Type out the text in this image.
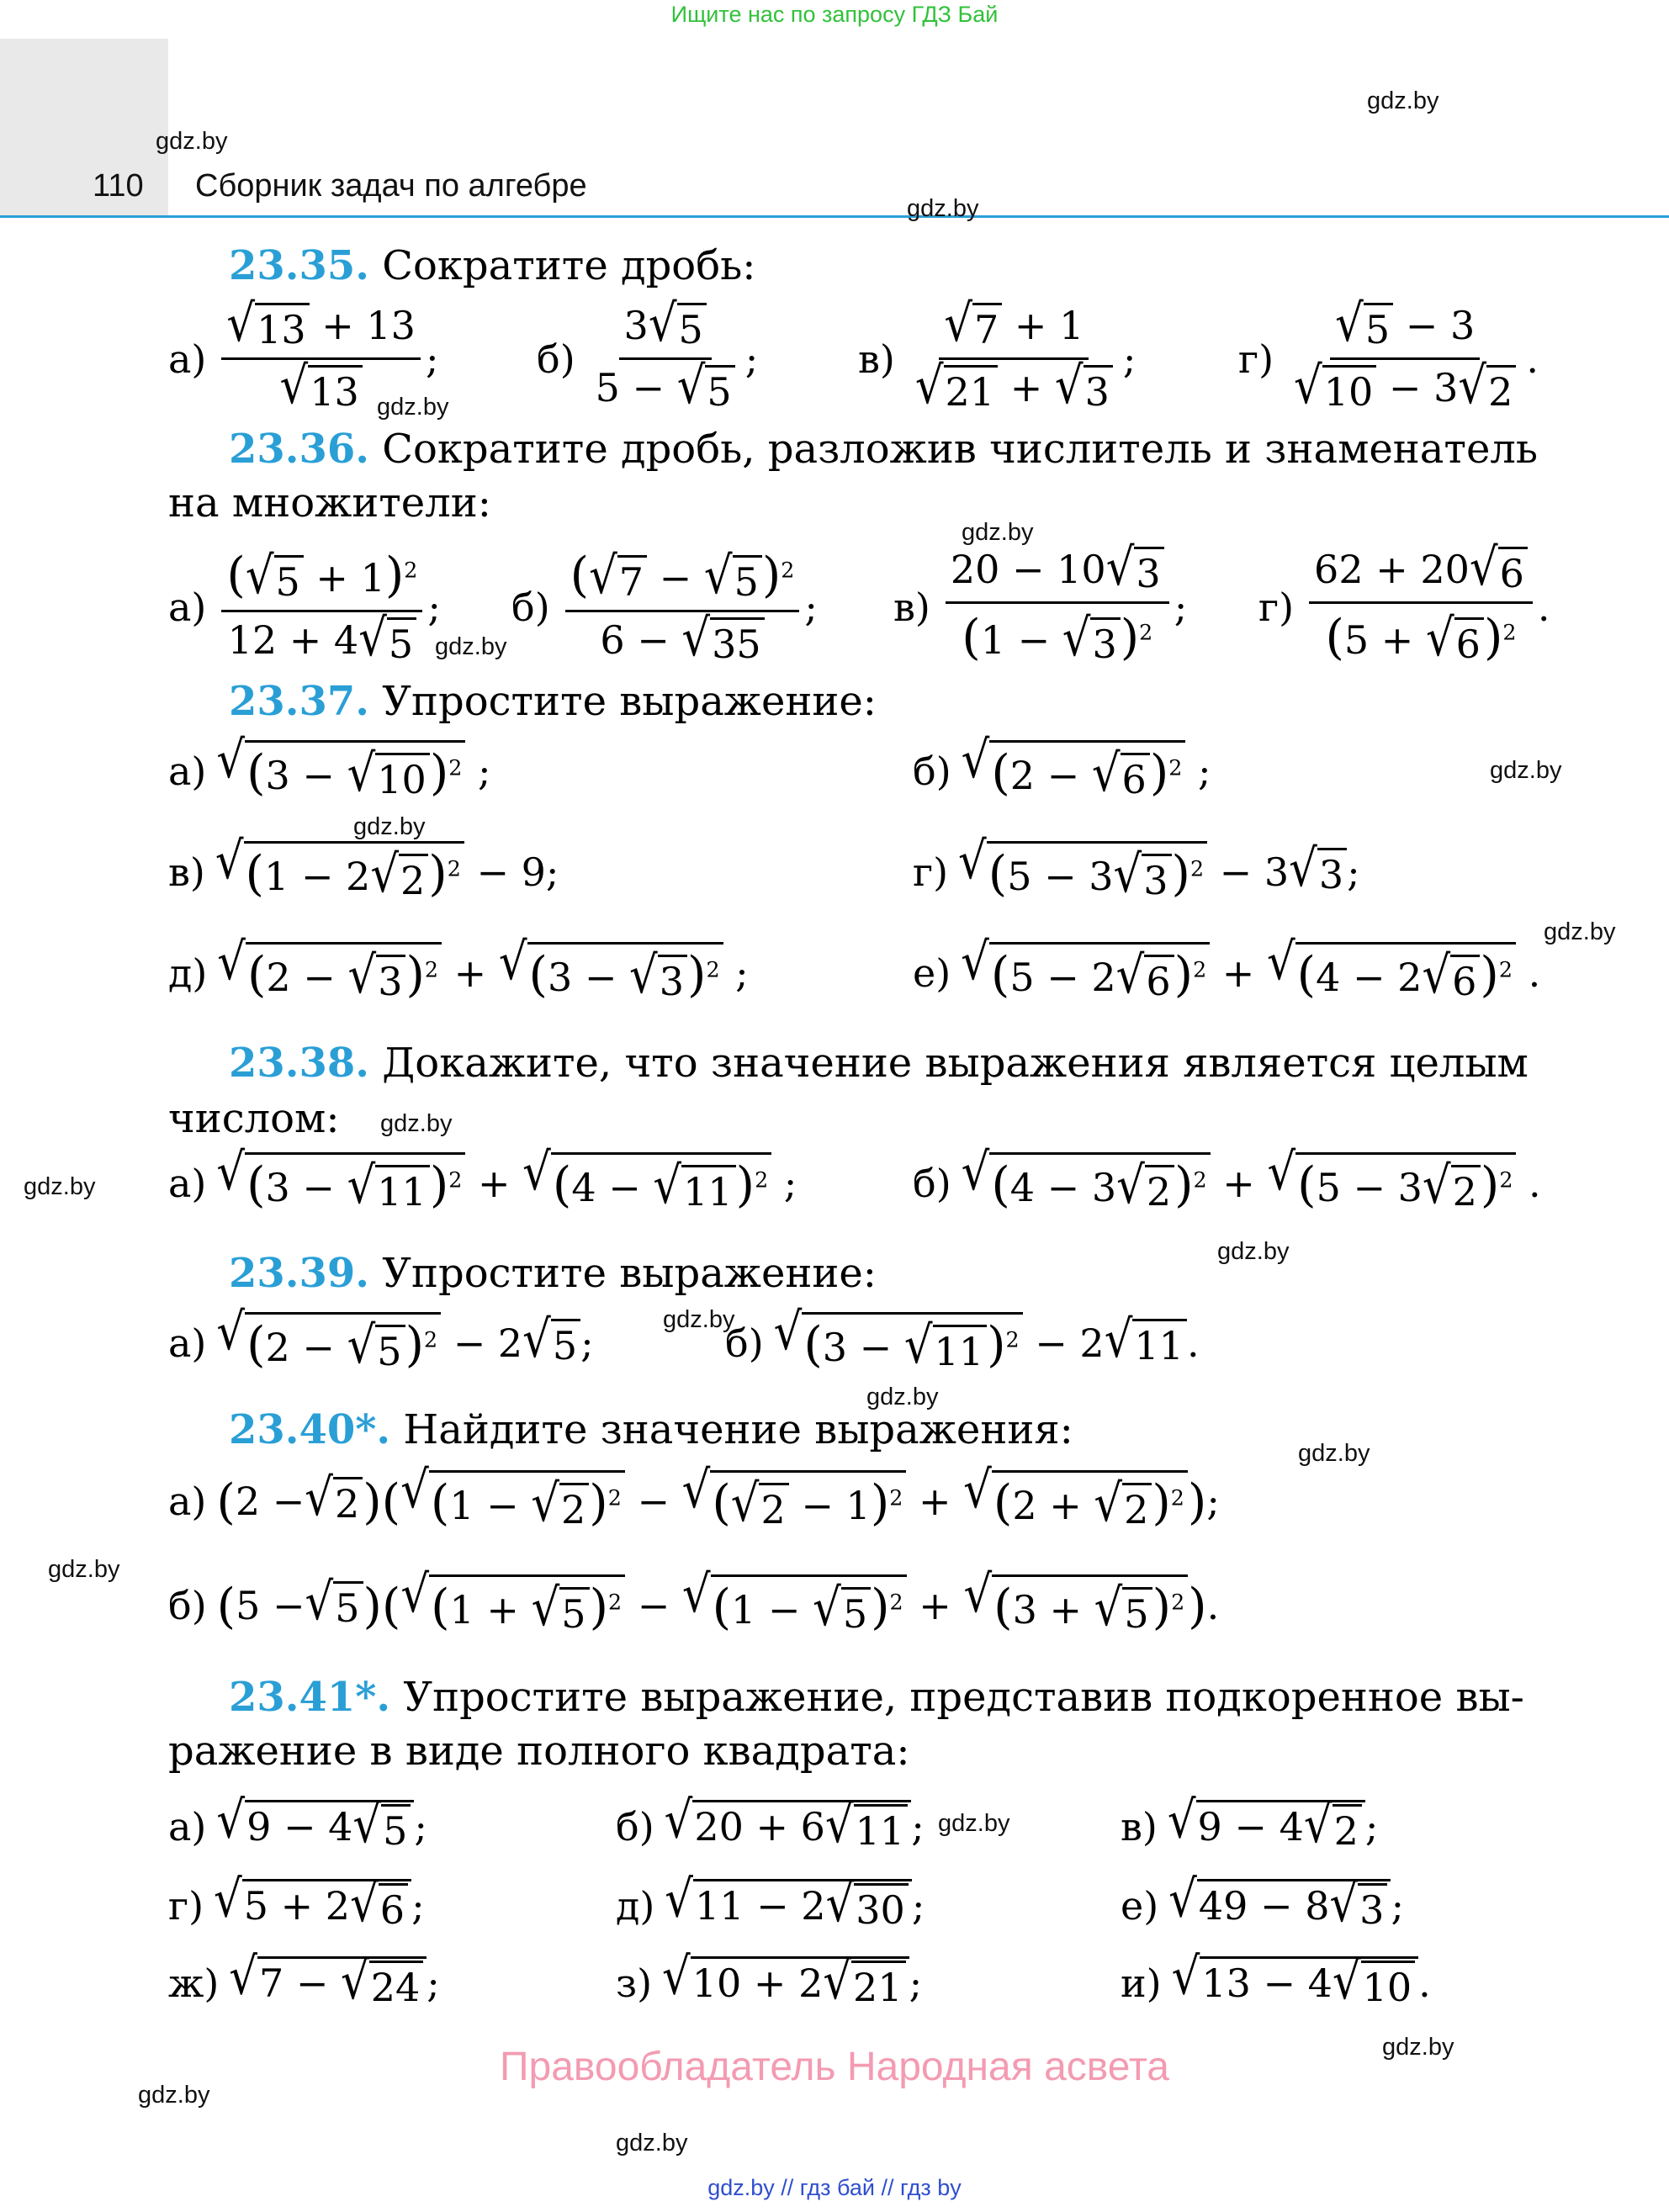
Ищите нас по запросу ГДЗ Бай
110 Сборник задач по алгебре
gdz.by
gdz.by
gdz.by
gdz.by
gdz.by
gdz.by
gdz.by
gdz.by
gdz.by
gdz.by
gdz.by
gdz.by
gdz.by
gdz.by
gdz.by
gdz.by
gdz.by
gdz.by
gdz.by
gdz.by
23.35. Сократите дробь:
$а) \frac{√ 13 + 13}{√ 13}$ ;	$б) \frac{3 √ 5}{5 - √ 5}$ ;	$в) \frac{√ 7 + 1}{√ 21 + √ 3}$ ;	$г) \frac{√ 5 - 3}{√ 10 - 3 √ 2}$ .
23.36. Сократите дробь, разложив числитель и знаменатель
на множители:
$а) \frac{( √ 5 + 1)^2}{12 + 4 √ 5}$ ; $б) \frac{( √ 7 - √ 5 )^2}{6 - √ 35}$ ; $в) \frac{20 - 10 √ 3}{(1 - √ 3 )^2}$ ; $г) \frac{62 + 20 √ 6}{(5 + √ 6 )^2}$ .
23.37. Упростите выражение:
а) √ (3 − √ 10 )$^2$ ;	б) √ (2 − √ 6 )$^2$ ;
в) √ (1 − 2 √ 2 )$^2$ − 9;	г) √ (5 − 3 √ 3 )$^2$ − 3 √ 3 ;
д) √ (2 − √ 3 )$^2$ + √ (3 − √ 3 )$^2$ ;	е) √ (5 − 2 √ 6 )$^2$ + √ (4 − 2 √ 6 )$^2$ .
23.38. Докажите, что значение выражения является целым
числом:
а) √ (3 − √ 11 )$^2$ + √ (4 − √ 11 )$^2$ ;	б) √ (4 − 3 √ 2 )$^2$ + √ (5 − 3 √ 2 )$^2$ .
23.39. Упростите выражение:
а) √ (2 − √ 5 )$^2$ − 2 √ 5 ;	б) √ (3 − √ 11 )$^2$ − 2 √ 11 .
23.40*. Найдите значение выражения:
а) ( 2 − √ 2 )( √ (1 − √ 2 )$^2$ − √ ( √ 2 − 1)$^2$ + √ (2 + √ 2 )$^2$ ) ;
б) ( 5 − √ 5 )( √ (1 + √ 5 )$^2$ − √ (1 − √ 5 )$^2$ + √ (3 + √ 5 )$^2$ ) .
23.41*. Упростите выражение, представив подкоренное вы-
ражение в виде полного квадрата:
а) √ 9 − 4 √ 5 ;	б) √ 20 + 6 √ 11 ;	в) √ 9 − 4 √ 2 ;
г) √ 5 + 2 √ 6 ;	д) √ 11 − 2 √ 30 ;	е) √ 49 − 8 √ 3 ;
ж) √ 7 − √ 24 ;	з) √ 10 + 2 √ 21 ;	и) √ 13 − 4 √ 10 .
Правообладатель Народная асвета
gdz.by // гдз бай // гдз by
